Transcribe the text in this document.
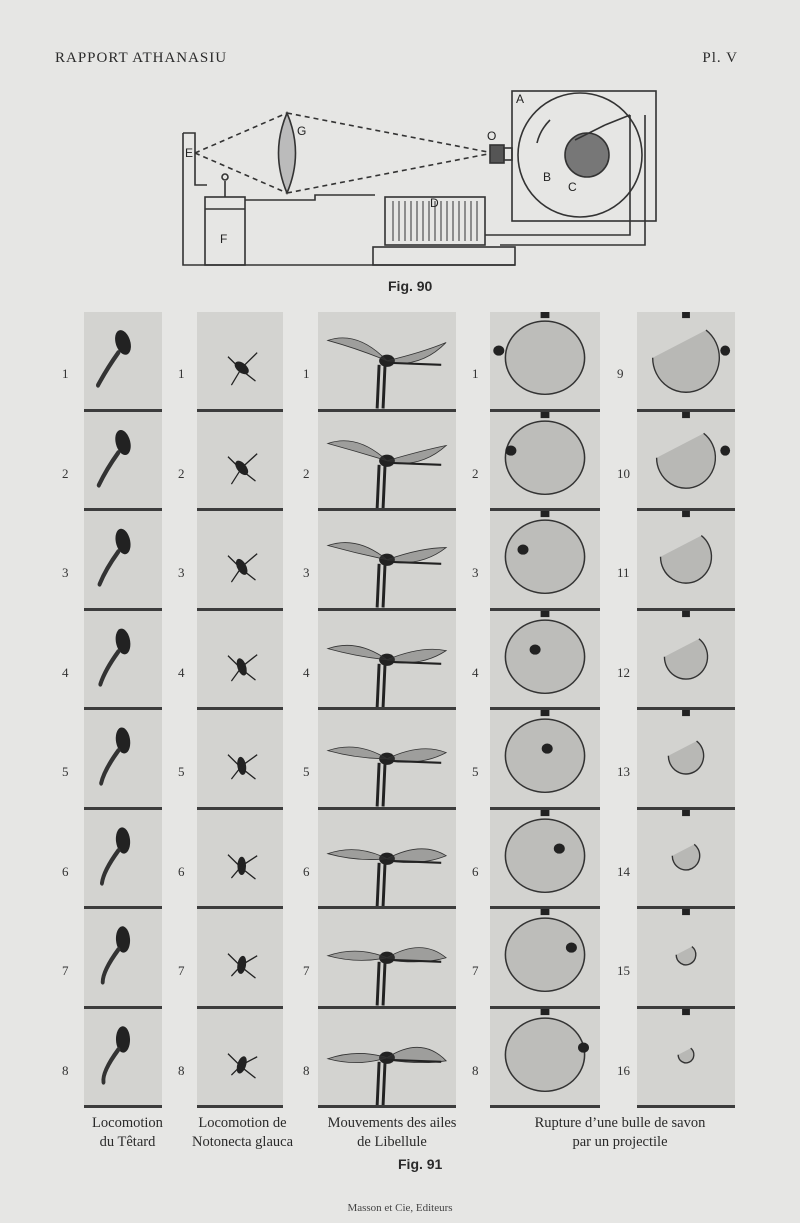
RAPPORT ATHANASIU	Pl. V
A
B
C
D
E
F
G	O
Fig. 90
1
2
3
4
5
6
7
8
1
2
3
4
5
6
7
8
1
2
3
4
5
6
7
8
1
2
3
4
5
6
7
8
9
10
11
12
13
14
15
16
Locomotion
du Têtard
Locomotion de
Notonecta glauca
Mouvements des ailes
de Libellule
Rupture d’une bulle de savon
par un projectile
Fig. 91
Masson et Cie, Editeurs
